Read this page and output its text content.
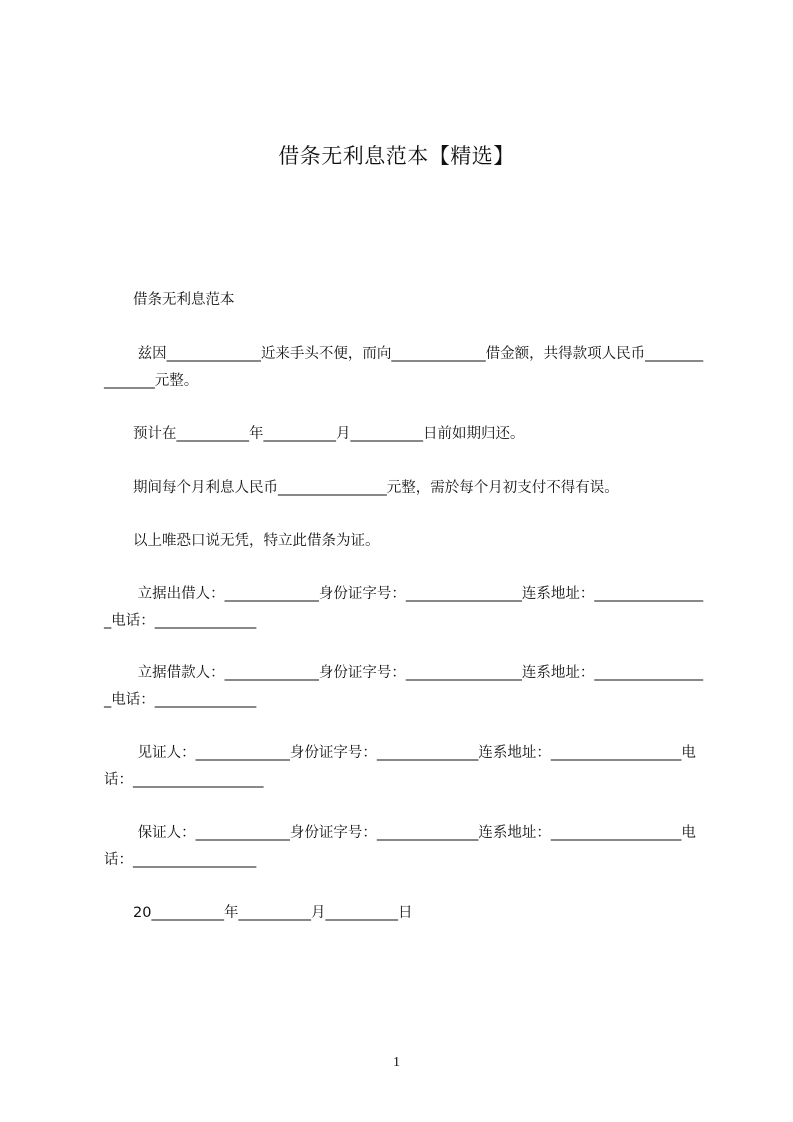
借条无利息范本【精选】
　　借条无利息范本
　　 兹因_____________近来手头不便，而向_____________借金额，共得款项人民币_______________元整。
　　预计在__________年__________月__________日前如期归还。
　　期间每个月利息人民币_______________元整，需於每个月初支付不得有误。
　　以上唯恐口说无凭，特立此借条为证。
　　 立据出借人：_____________身份证字号：________________连系地址：________________电话：______________
　　 立据借款人：_____________身份证字号：________________连系地址：________________电话：______________
　　 见证人：_____________身份证字号：______________连系地址：__________________电话：__________________
　　 保证人：_____________身份证字号：______________连系地址：__________________电话：_________________
　　20__________年__________月__________日
1
